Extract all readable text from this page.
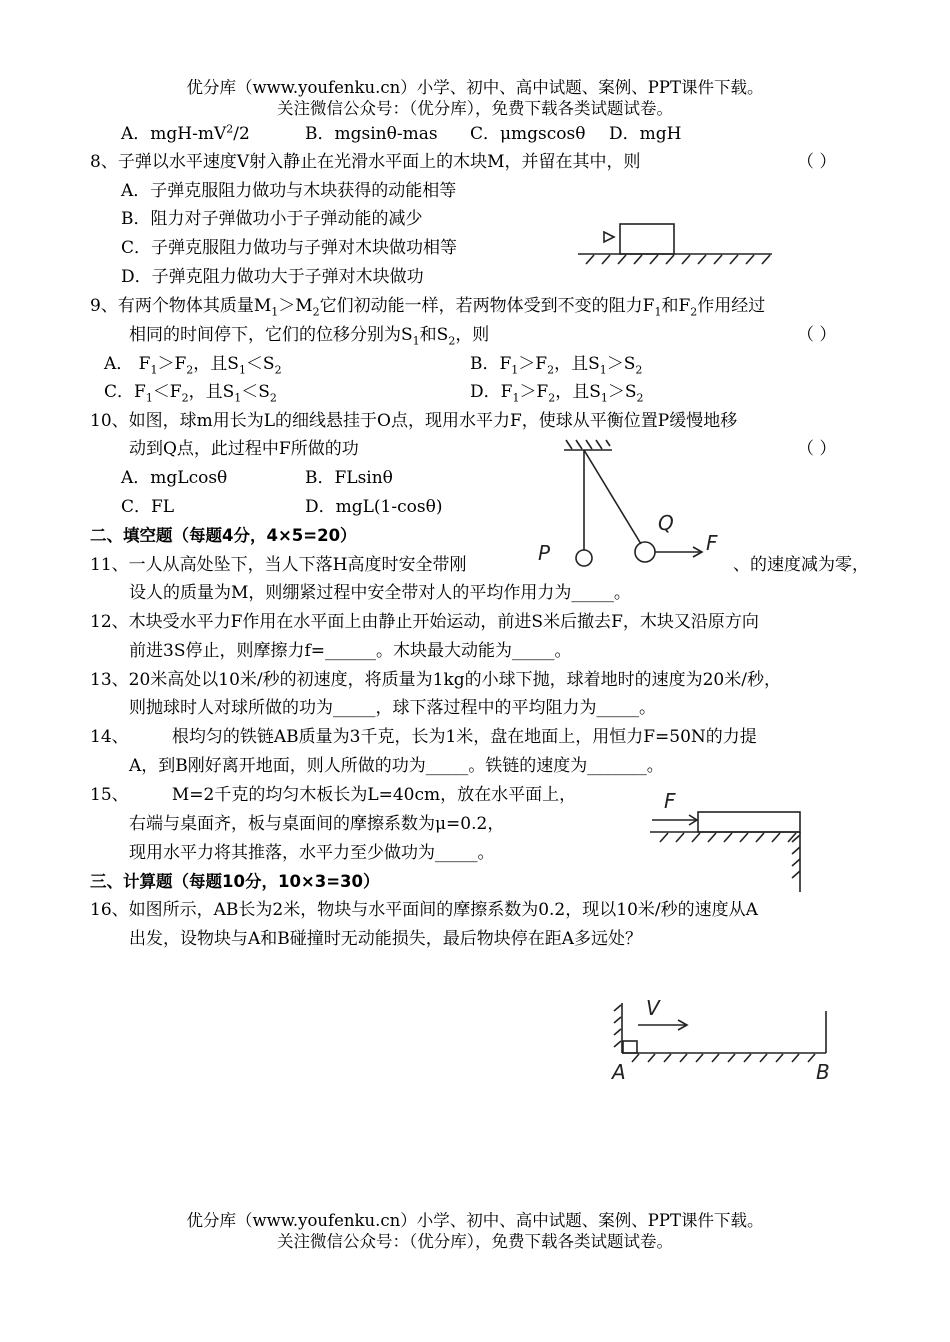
优分库（www.youfenku.cn）小学、初中、高中试题、案例、PPT课件下载。
关注微信公众号：（优分库），免费下载各类试题试卷。
A．mgH-$mV^2/2$	B．mgsinθ-mas C．μmgscosθ D．mgH
8、子弹以水平速度V射入静止在光滑水平面上的木块M，并留在其中，则	（ ）
A．子弹克服阻力做功与木块获得的动能相等
B．阻力对子弹做功小于子弹动能的减少
C．子弹克服阻力做功与子弹对木块做功相等
D．子弹克阻力做功大于子弹对木块做功
9、有两个物体其质量$M_1>M_2$它们初动能一样，若两物体受到不变的阻力$F_1$和$F_2$作用经过
相同的时间停下，它们的位移分别为$S_1$和$S_2$，则	（ ）
A． $F_1>F_2$，且$S_1<S_2$	B．$F_1>F_2$，且$S_1>S_2$
C．$F_1<F_2$，且$S_1<S_2$	D．$F_1>F_2$，且$S_1>S_2$
10、如图，球m用长为L的细线悬挂于O点，现用水平力F，使球从平衡位置P缓慢地移
动到Q点，此过程中F所做的功	（ ）
A．mgLcosθ	B．FLsinθ
C．FL	D．mgL(1-cosθ)
P
Q
F
二、填空题（每题4分，4×5=20）
11、一人从高处坠下，当人下落H高度时安全带刚	、的速度减为零，
设人的质量为M，则绷紧过程中安全带对人的平均作用力为_____。
12、木块受水平力F作用在水平面上由静止开始运动，前进S米后撤去F，木块又沿原方向
前进3S停止，则摩擦力f=______。木块最大动能为_____。
13、20米高处以10米/秒的初速度，将质量为1kg的小球下抛，球着地时的速度为20米/秒，
则抛球时人对球所做的功为_____，球下落过程中的平均阻力为_____。
14、        根均匀的铁链AB质量为3千克，长为1米，盘在地面上，用恒力F=50N的力提
A，到B刚好离开地面，则人所做的功为_____。铁链的速度为_______。
15、        M=2千克的均匀木板长为L=40cm，放在水平面上，
右端与桌面齐，板与桌面间的摩擦系数为μ=0.2，
现用水平力将其推落，水平力至少做功为_____。
F
三、计算题（每题10分，10×3=30）
16、如图所示，AB长为2米，物块与水平面间的摩擦系数为0.2，现以10米/秒的速度从A
出发，设物块与A和B碰撞时无动能损失，最后物块停在距A多远处？
V
A	B
优分库（www.youfenku.cn）小学、初中、高中试题、案例、PPT课件下载。
关注微信公众号：（优分库），免费下载各类试题试卷。
